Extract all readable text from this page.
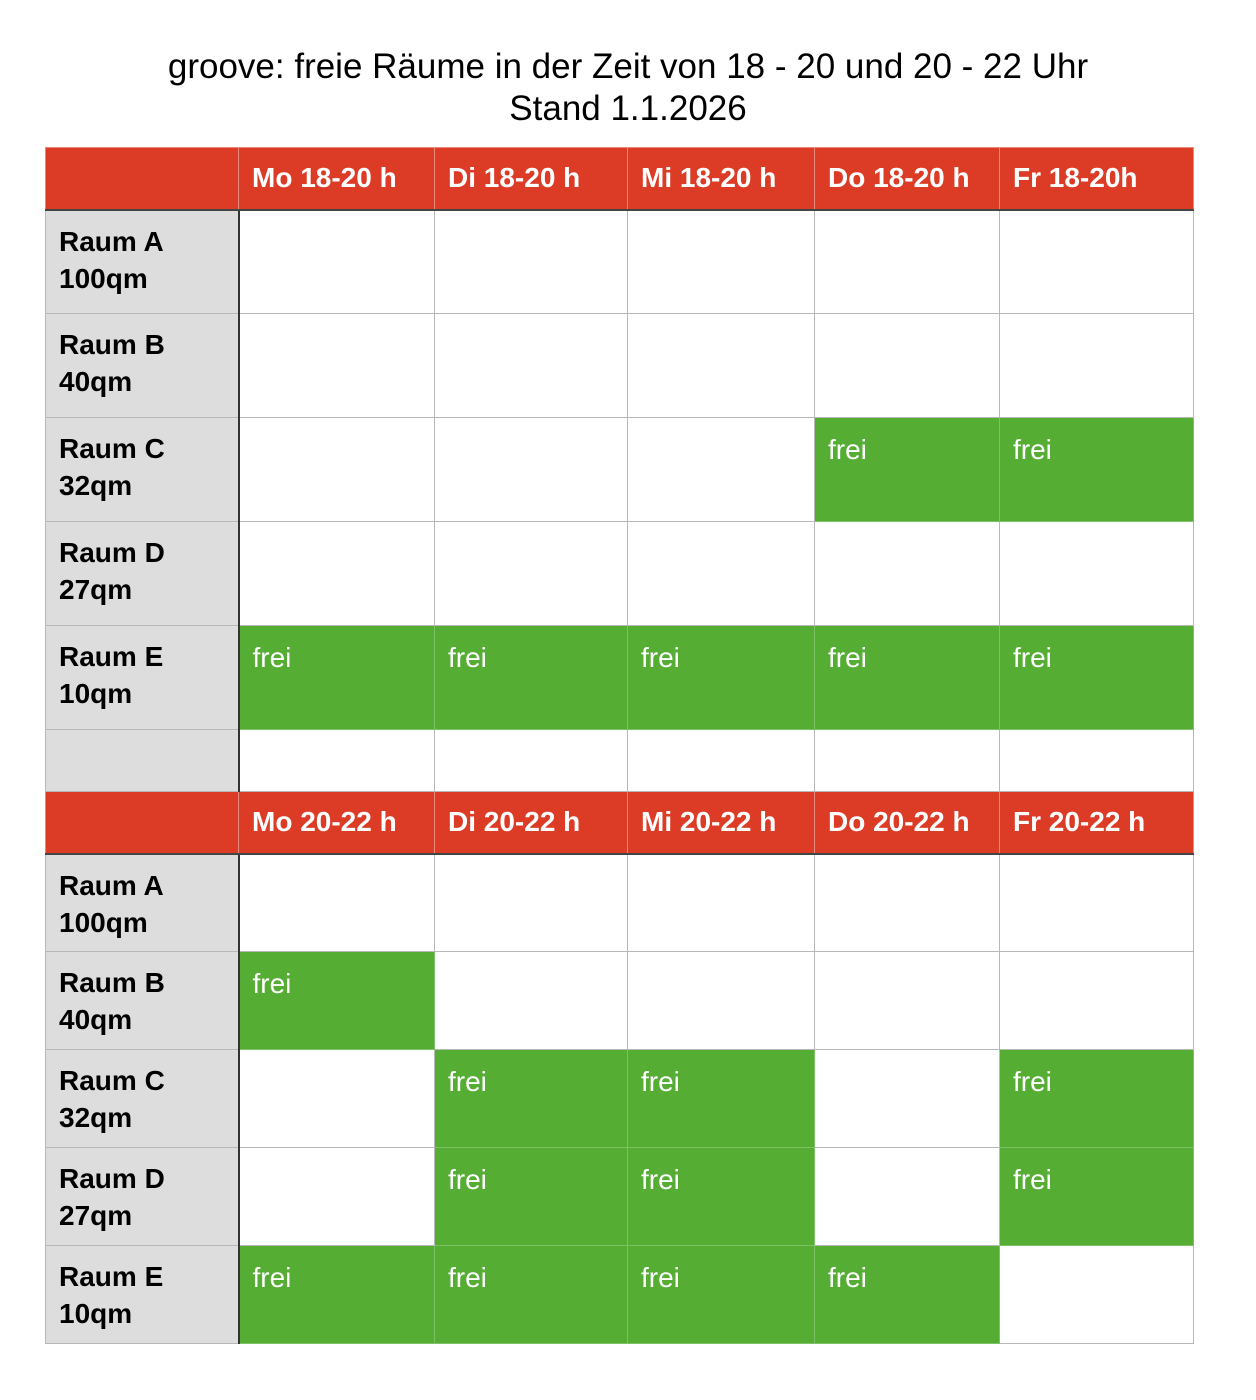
groove: freie Räume in der Zeit von 18 - 20 und 20 - 22 Uhr
Stand 1.1.2026
	Mo 18-20 h	Di 18-20 h	Mi 18-20 h	Do 18-20 h	Fr 18-20h

Raum A
100qm					

Raum B
40qm					

Raum C
32qm				frei	frei

Raum D
27qm					

Raum E
10qm	frei	frei	frei	frei	frei

	Mo 20-22 h	Di 20-22 h	Mi 20-22 h	Do 20-22 h	Fr 20-22 h

Raum A
100qm					

Raum B
40qm	frei				

Raum C
32qm		frei	frei		frei

Raum D
27qm		frei	frei		frei

Raum E
10qm	frei	frei	frei	frei	
